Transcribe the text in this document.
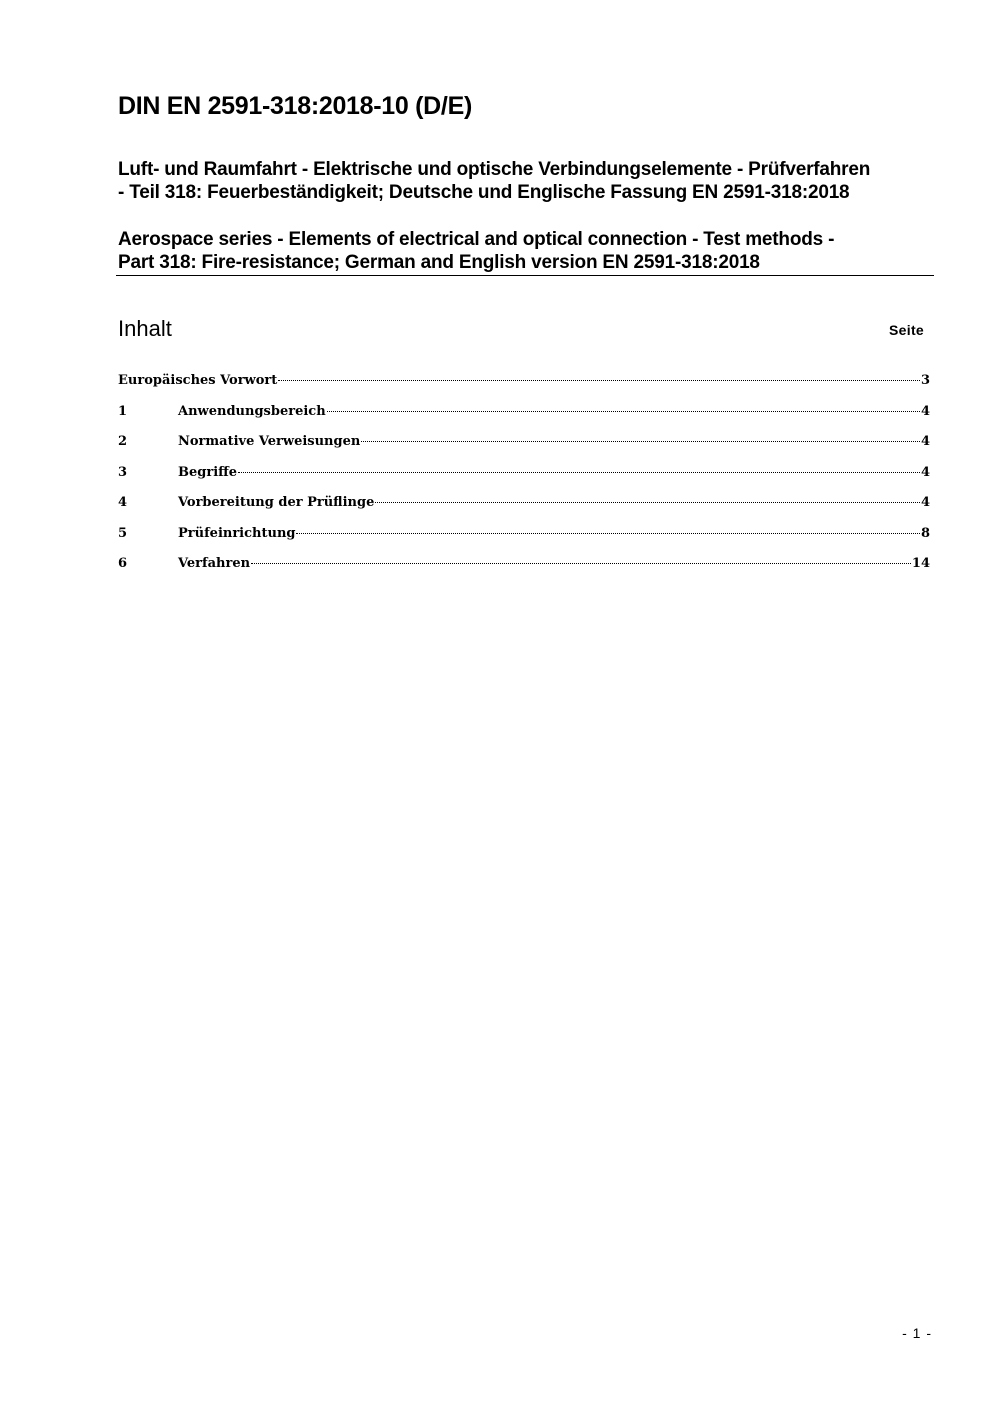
DIN EN 2591-318:2018-10 (D/E)
Luft- und Raumfahrt - Elektrische und optische Verbindungselemente - Prüfverfahren
- Teil 318: Feuerbeständigkeit; Deutsche und Englische Fassung EN 2591-318:2018
Aerospace series - Elements of electrical and optical connection - Test methods -
Part 318: Fire-resistance; German and English version EN 2591-318:2018
Inhalt	Seite
Europäisches Vorwort	3
1	Anwendungsbereich	4
2	Normative Verweisungen	4
3	Begriffe	4
4	Vorbereitung der Prüflinge	4
5	Prüfeinrichtung	8
6	Verfahren	14
- 1 -
